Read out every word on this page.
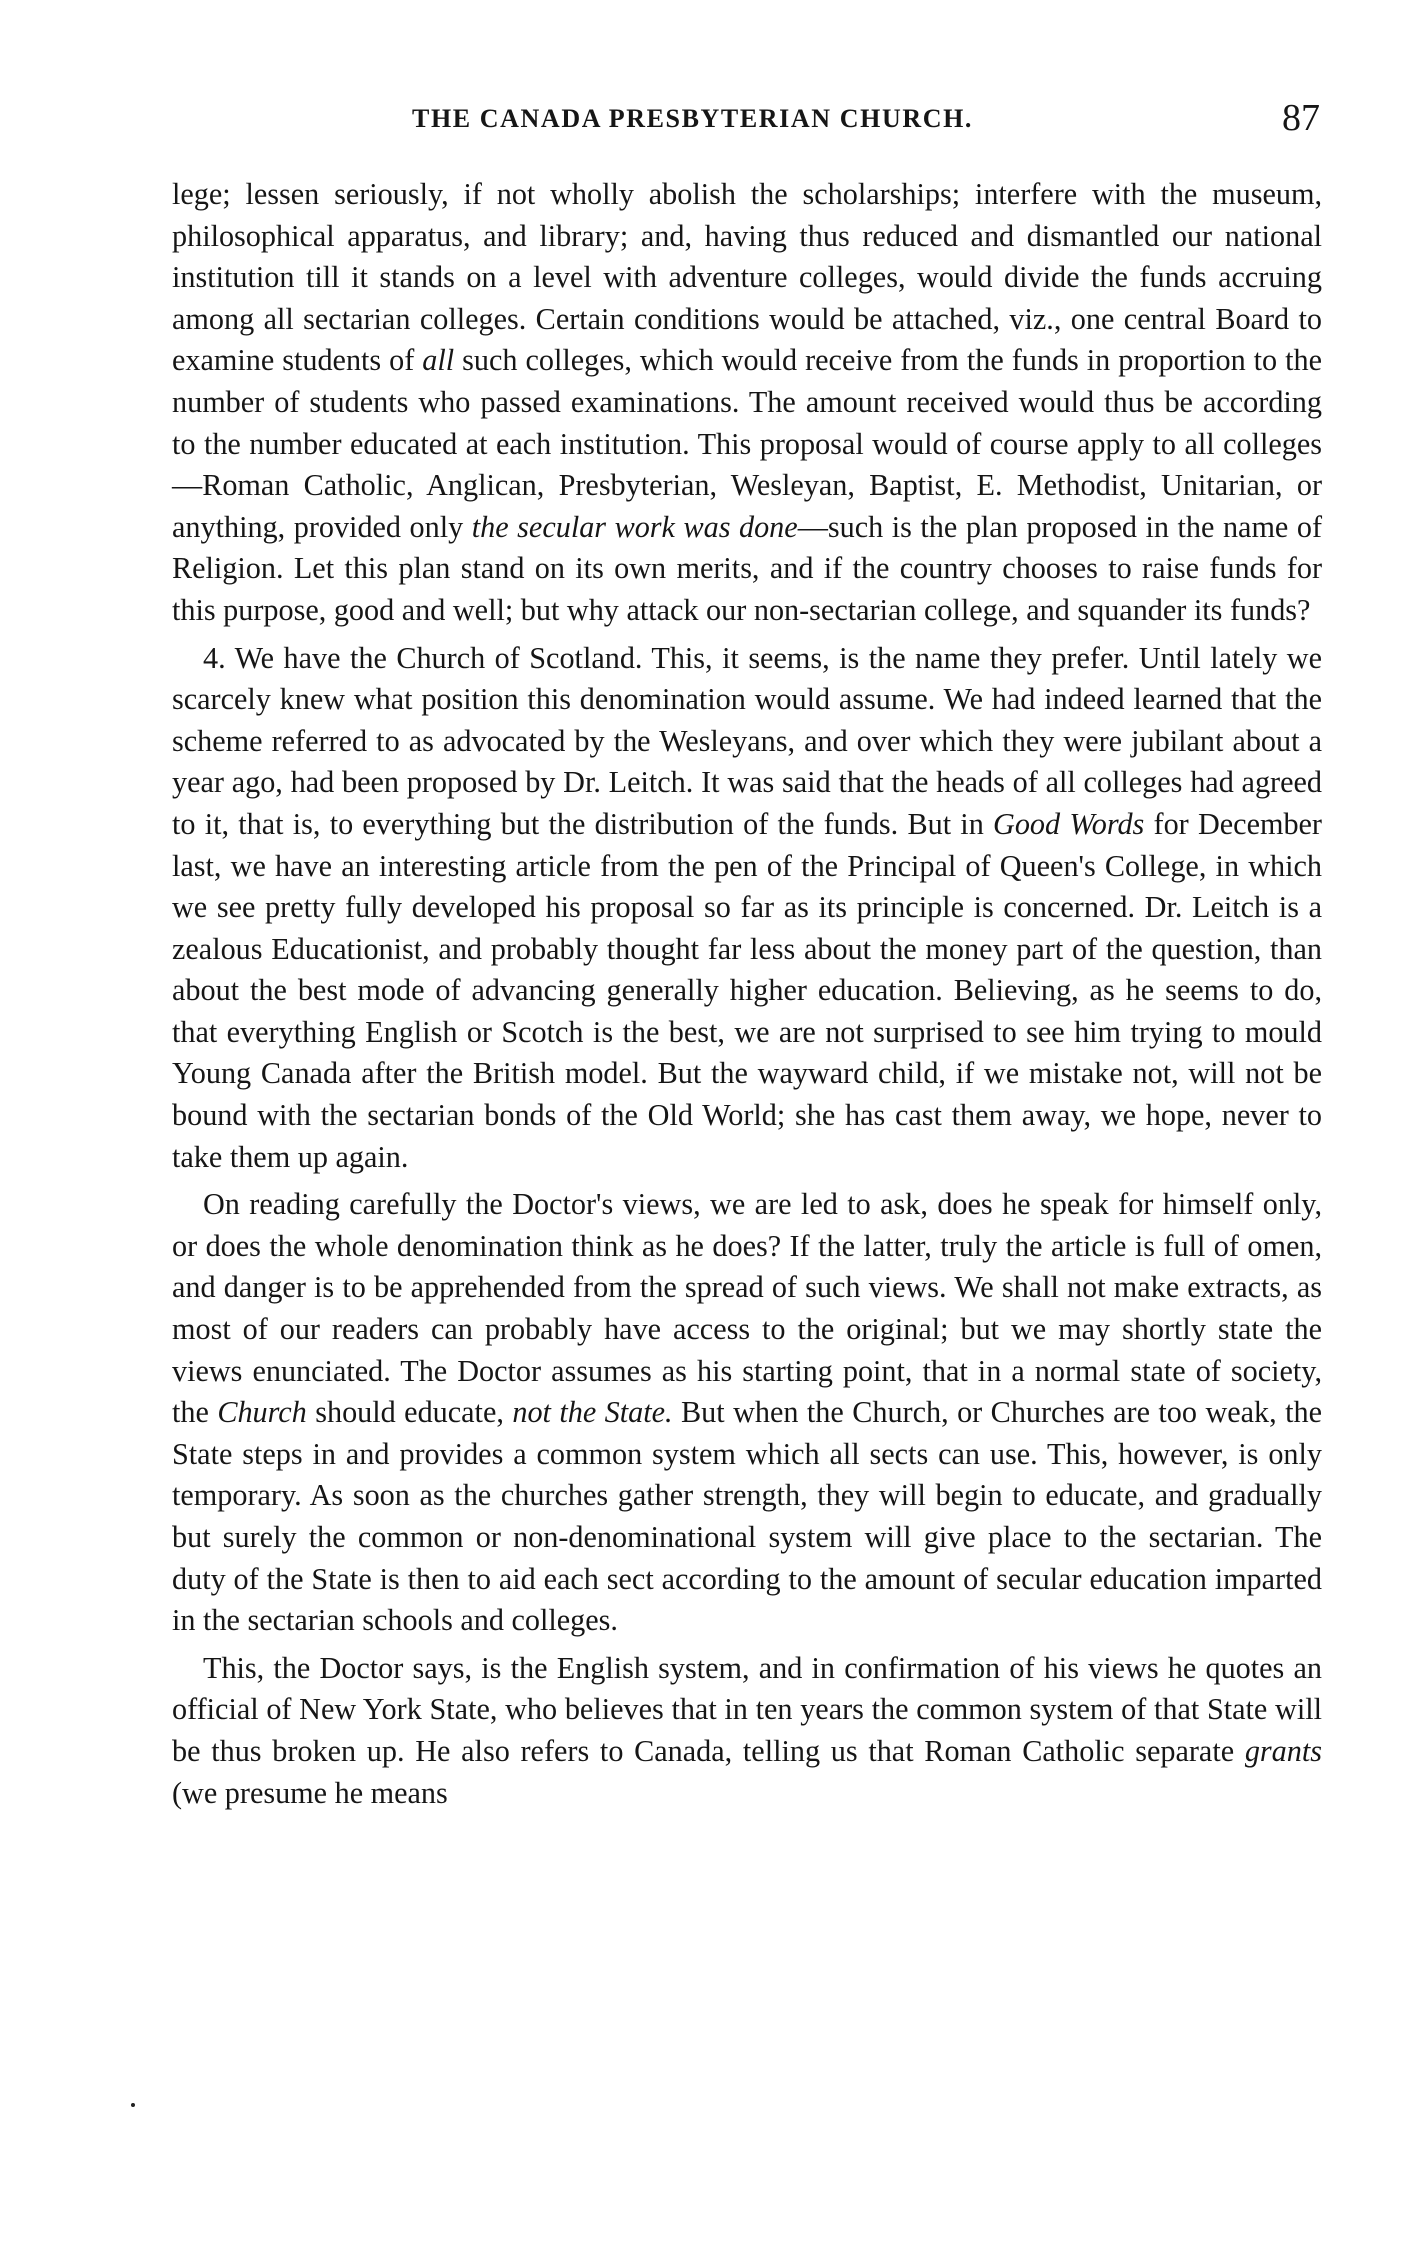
THE CANADA PRESBYTERIAN CHURCH.	87

lege; lessen seriously, if not wholly abolish the scholarships; interfere with the museum, philosophical apparatus, and library; and, having thus reduced and dismantled our national institution till it stands on a level with adventure colleges, would divide the funds accruing among all sectarian colleges. Certain conditions would be attached, viz., one central Board to examine students of all such colleges, which would receive from the funds in proportion to the number of students who passed examinations. The amount received would thus be according to the number educated at each institution. This proposal would of course apply to all colleges—Roman Catholic, Anglican, Presbyterian, Wesleyan, Baptist, E. Methodist, Unitarian, or anything, provided only the secular work was done—such is the plan proposed in the name of Religion. Let this plan stand on its own merits, and if the country chooses to raise funds for this purpose, good and well; but why attack our non-sectarian college, and squander its funds?

4. We have the Church of Scotland. This, it seems, is the name they prefer. Until lately we scarcely knew what position this denomination would assume. We had indeed learned that the scheme referred to as advocated by the Wesleyans, and over which they were jubilant about a year ago, had been proposed by Dr. Leitch. It was said that the heads of all colleges had agreed to it, that is, to everything but the distribution of the funds. But in Good Words for December last, we have an interesting article from the pen of the Principal of Queen's College, in which we see pretty fully developed his proposal so far as its principle is concerned. Dr. Leitch is a zealous Educationist, and probably thought far less about the money part of the question, than about the best mode of advancing generally higher education. Believing, as he seems to do, that everything English or Scotch is the best, we are not surprised to see him trying to mould Young Canada after the British model. But the wayward child, if we mistake not, will not be bound with the sectarian bonds of the Old World; she has cast them away, we hope, never to take them up again.

On reading carefully the Doctor's views, we are led to ask, does he speak for himself only, or does the whole denomination think as he does? If the latter, truly the article is full of omen, and danger is to be apprehended from the spread of such views. We shall not make extracts, as most of our readers can probably have access to the original; but we may shortly state the views enunciated. The Doctor assumes as his starting point, that in a normal state of society, the Church should educate, not the State. But when the Church, or Churches are too weak, the State steps in and provides a common system which all sects can use. This, however, is only temporary. As soon as the churches gather strength, they will begin to educate, and gradually but surely the common or non-denominational system will give place to the sectarian. The duty of the State is then to aid each sect according to the amount of secular education imparted in the sectarian schools and colleges.

This, the Doctor says, is the English system, and in confirmation of his views he quotes an official of New York State, who believes that in ten years the common system of that State will be thus broken up. He also refers to Canada, telling us that Roman Catholic separate grants (we presume he means
